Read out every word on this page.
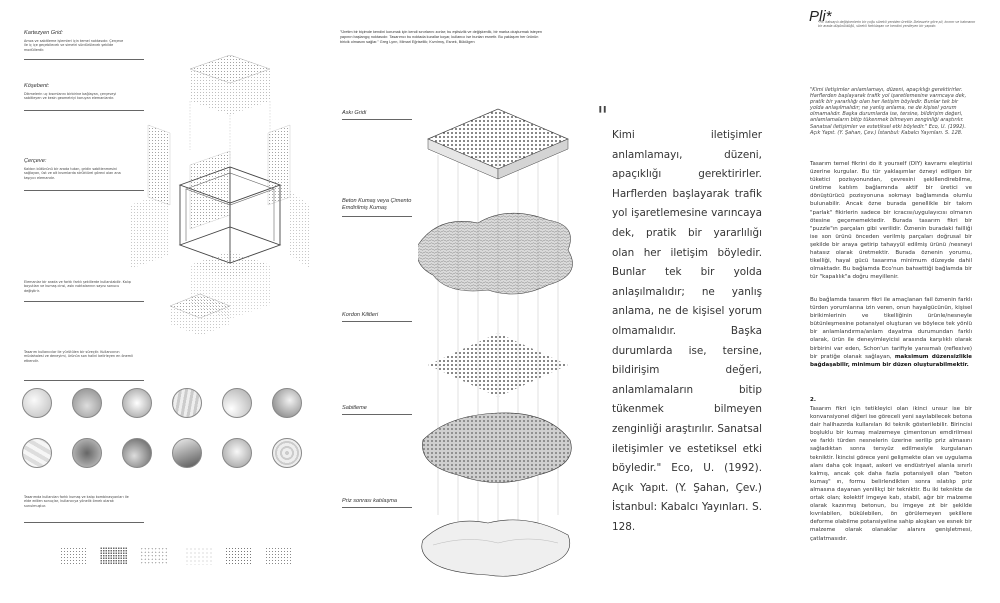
Kartezyen Grid:
Amos ve sabitleme işlemleri için temel noktasıdır. Çerçeve ile iç içe geçebilecek ve simetri sürdürülecek şekilde modüllerdir.
Köşebent:
Dikmelerin uç kısımlarını birbirine bağlayan, çerçeveyi sabitleyen ve kesin geometriyi koruyan elemanlardır.
Çerçeve:
Kalıbın bütününü bir arada tutan, gridin sabitlenmesini sağlayan, üst ve alt kısımlarda strüktürel görevi olan ana taşıyıcı elemandır.
Elemanlar bir arada ve farklı farklı şekillerde kullanılabilir. Kalıp boyutları ve kumaş cinsi, askı noktalarının sayısı sonucu değiştirir.
Tasarım kullanıcılar ile yürütülen bir süreçtir. Kullanıcının müdahalesi ve deneyimi, ürünün son halini belirleyen en önemli etkendir.
Tasarımda kullanılan farklı kumaş ve kalıp kombinasyonları ile elde edilen sonuçlar, kullanıcıya yönelik örnek olarak sunulmuştur.
"Üretim bir biçimde kendini korumak için kendi sınırlarını zorlar; bu eşitsizlik ve değişkenlik, bir marka oluşturmak isteyen yapının başlangıç noktasıdır. Tasarımcı bu noktada kurallar koyar, kullanıcı ise bunları esnetir. Bu yaklaşım her ürünün biricik olmasını sağlar." Greg Lynn, Mimari Eğrisellik; Kıvrılmış, Esnek, Bükülgen
Askı Gridi
Beton Kumaş veya Çimento Emdirilmiş Kumaş
Kordon Kilitleri
Sabitleme
Priz sonrası katılaşma
"
Kimi iletişimler anlamlamayı, düzeni, apaçıklığı gerektirirler. Harflerden başlayarak trafik yol işaretlemesine varıncaya dek, pratik bir yararlılığı olan her iletişim böyledir. Bunlar tek bir yolda anlaşılmalıdır; ne yanlış anlama, ne de kişisel yorum olmamalıdır. Başka durumlarda ise, tersine, bildirişim değeri, anlamlamaların bitip tükenmek bilmeyen zenginliği araştırılır. Sanatsal iletişimler ve estetiksel etki böyledir." Eco, U. (1992). Açık Yapıt. (Y. Şahan, Çev.) İstanbul: Kabalcı Yayınları. S. 128.
Pli*
*Pli: katsayılı değişkenlerin bir çoğu sürekli yeniden üretilir. Deleuze'e göre pli, kıvrım ve katmanın bir arada düşünüldüğü, sürekli farklılaşan ve kendini yenileyen bir yapıdır.
"Kimi iletişimler anlamlamayı, düzeni, apaçıklığı gerektirirler. Harflerden başlayarak trafik yol işaretlemesine varıncaya dek, pratik bir yararlılığı olan her iletişim böyledir. Bunlar tek bir yolda anlaşılmalıdır; ne yanlış anlama, ne de kişisel yorum olmamalıdır. Başka durumlarda ise, tersine, bildirişim değeri, anlamlamaların bitip tükenmek bilmeyen zenginliği araştırılır. Sanatsal iletişimler ve estetiksel etki böyledir." Eco, U. (1992). Açık Yapıt. (Y. Şahan, Çev.) İstanbul: Kabalcı Yayınları. S. 128.
Tasarım temel fikrini do it yourself (DIY) kavramı eleştirisi üzerine kurgular. Bu tür yaklaşımlar özneyi edilgen bir tüketici pozisyonundan, çevresini şekillendirebilme, üretime katılım bağlamında aktif bir üretici ve dönüştürücü pozisyonuna sokmayı bağlamında olumlu bulunabilir. Ancak özne burada genellikle bir takım "parlak" fikirlerin sadece bir icracısı/uygulayıcısı olmanın ötesine geçememektedir. Burada tasarım fikri bir "puzzle"ın parçaları gibi verilidir. Öznenin buradaki failliği ise son ürünü önceden verilmiş parçaları doğrusal bir şekilde bir araya getirip tahayyül edilmiş ürünü /nesneyi hatasız olarak üretmektir. Burada öznenin yorumu, tikelliği, hayal gücü tasarıma minimum düzeyde dahil olmaktadır. Bu bağlamda Eco'nun bahsettiği bağlamda bir tür "kapalılık"a doğru meyillenir.
Bu bağlamda tasarım fikri ile amaçlanan fail öznenin farklı türden yorumlarına izin veren, onun hayalgücünün, kişisel birikimlerinin ve tikelliğinin ürünle/nesneyle bütünleşmesine potansiyel oluşturan ve böylece tek yönlü bir anlamlandırma/anlam dayatma durumundan farklı olarak, ürün ile deneyimleyicisi arasında karşılıklı olarak birbirini var eden, Schon'un tarifiyle yansımalı (reflexive) bir pratiğe olanak sağlayan, maksimum düzensizlikle bağdaşabilir, minimum bir düzen oluşturabilmektir.
2.
Tasarım fikri için tetikleyici olan ikinci unsur ise bir konvansiyonel diğeri ise göreceli yeni sayılabilecek betona dair halihazırda kullanılan iki teknik gösterilebilir. Birincisi boşluklu bir kumaş malzemeye çimentonun emdirilmesi ve farklı türden nesnelerin üzerine serilip priz almasını sağladıktan sonra tersyüz edilmesiyle kurgulanan tekniktir. İkincisi görece yeni gelişmekte olan ve uygulama alanı daha çok inşaat, askeri ve endüstriyel alanla sınırlı kalmış, ancak çok daha fazla potansiyeli olan "beton kumaş" ın, formu belirlendikten sonra ıslatılıp priz almasına dayanan yenilikçi bir tekniktir. Bu iki teknikte de ortak olan; kolektif imgeye katı, stabil, ağır bir malzeme olarak kazınmış betonun, bu imgeye zıt bir şekilde kıvrılabilen, bükülebilen, ön görülemeyen şekillere deforme olabilme potansiyeline sahip akışkan ve esnek bir malzeme olarak olanaklar alanını genişletmesi, çatlatmasıdır.
